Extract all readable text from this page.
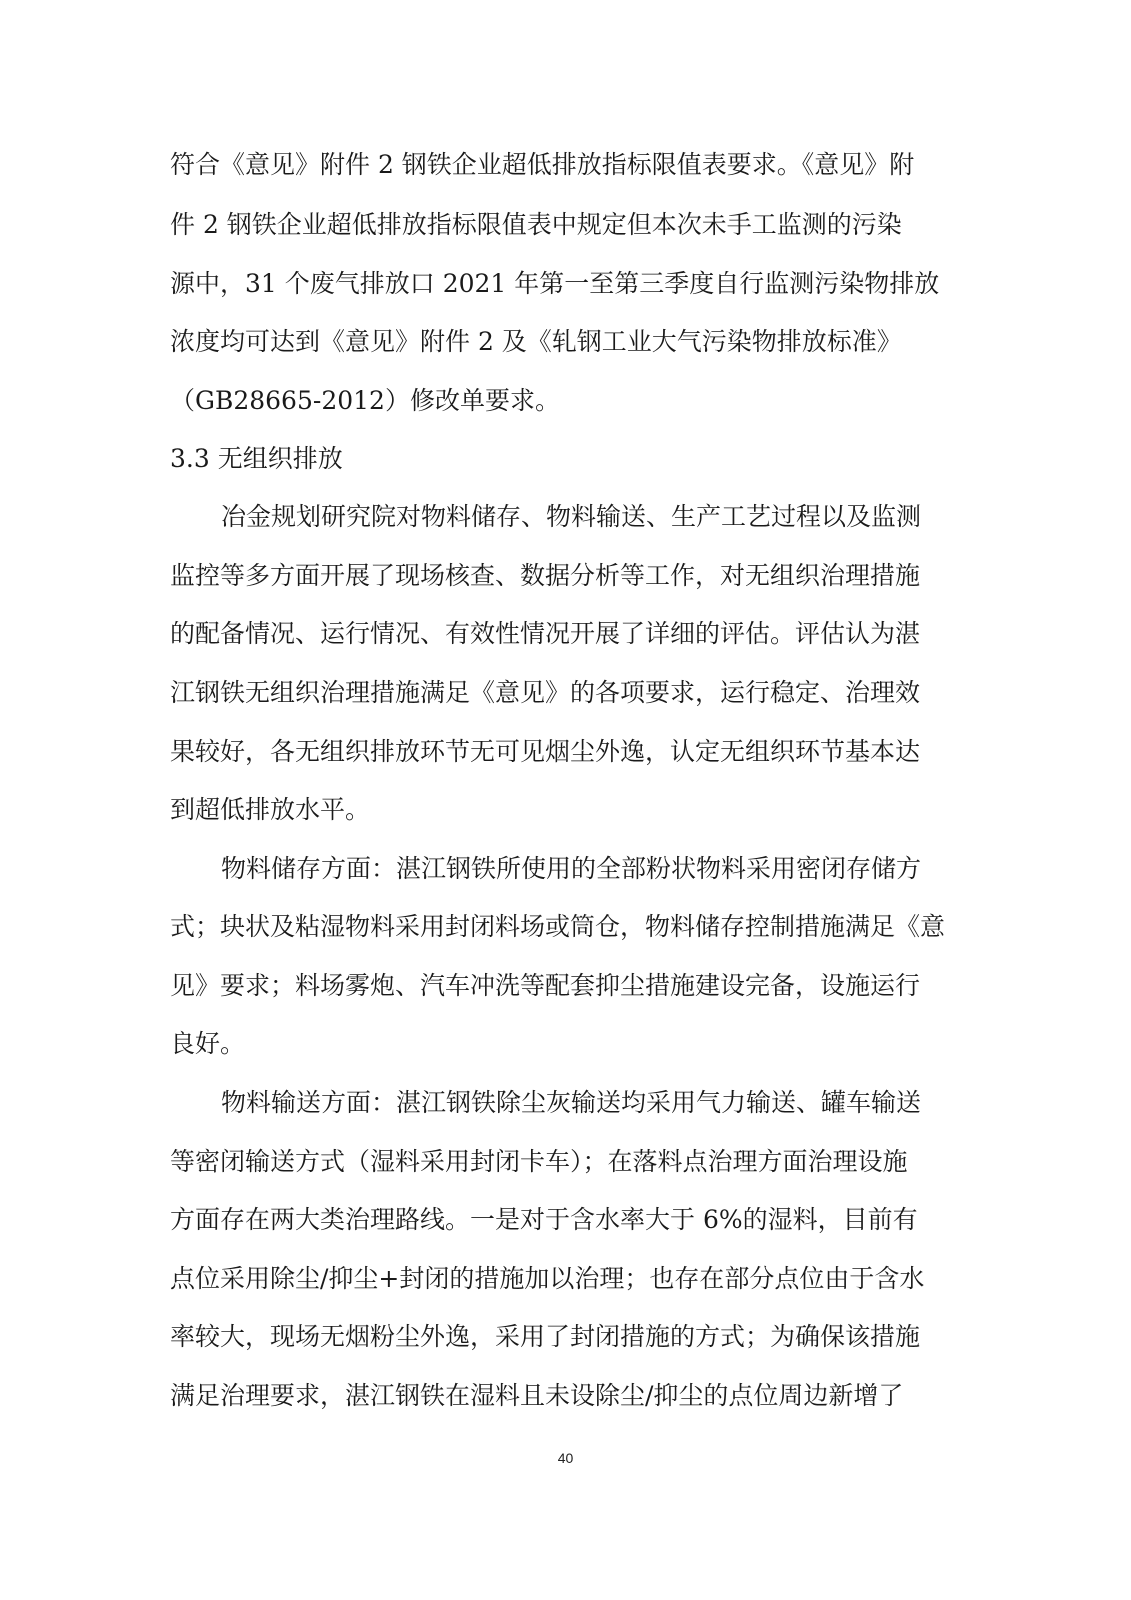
符合《意见》附件 2 钢铁企业超低排放指标限值表要求。《意见》附

件 2 钢铁企业超低排放指标限值表中规定但本次未手工监测的污染

源中，31 个废气排放口 2021 年第一至第三季度自行监测污染物排放

浓度均可达到《意见》附件 2 及《轧钢工业大气污染物排放标准》

（GB28665-2012）修改单要求。

3.3 无组织排放

冶金规划研究院对物料储存、物料输送、生产工艺过程以及监测

监控等多方面开展了现场核查、数据分析等工作，对无组织治理措施

的配备情况、运行情况、有效性情况开展了详细的评估。评估认为湛

江钢铁无组织治理措施满足《意见》的各项要求，运行稳定、治理效

果较好，各无组织排放环节无可见烟尘外逸，认定无组织环节基本达

到超低排放水平。

物料储存方面：湛江钢铁所使用的全部粉状物料采用密闭存储方

式；块状及粘湿物料采用封闭料场或筒仓，物料储存控制措施满足《意

见》要求；料场雾炮、汽车冲洗等配套抑尘措施建设完备，设施运行

良好。

物料输送方面：湛江钢铁除尘灰输送均采用气力输送、罐车输送

等密闭输送方式（湿料采用封闭卡车）；在落料点治理方面治理设施

方面存在两大类治理路线。一是对于含水率大于 6%的湿料，目前有

点位采用除尘/抑尘+封闭的措施加以治理；也存在部分点位由于含水

率较大，现场无烟粉尘外逸，采用了封闭措施的方式；为确保该措施

满足治理要求，湛江钢铁在湿料且未设除尘/抑尘的点位周边新增了

40
